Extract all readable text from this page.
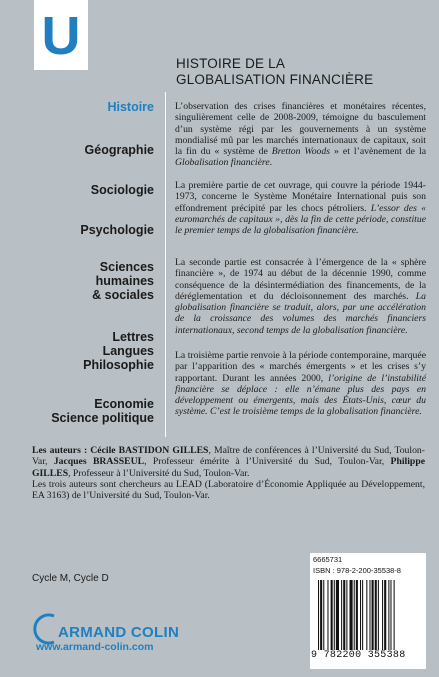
U	HISTOIRE DE LA
GLOBALISATION FINANCIÈRE
Histoire
Géographie
Sociologie
Psychologie
Sciences
humaines
& sociales
Lettres
Langues
Philosophie
Economie
Science politique
L’observation des crises financières et monétaires récentes, singulièrement celle de 2008-2009, témoigne du basculement d’un système régi par les gouvernements à un système mondialisé mû par les marchés internationaux de capitaux, soit la fin du « système de Bretton Woods » et l’avènement de la Globalisation financière.
La première partie de cet ouvrage, qui couvre la période 1944-1973, concerne le Système Monétaire International puis son effondrement précipité par les chocs pétroliers. L’essor des « euromarchés de capitaux », dès la fin de cette période, constitue le premier temps de la globalisation financière.
La seconde partie est consacrée à l’émergence de la « sphère financière », de 1974 au début de la décennie 1990, comme conséquence de la désintermédiation des financements, de la déréglementation et du décloisonnement des marchés. La globalisation financière se traduit, alors, par une accélération de la croissance des volumes des marchés financiers internationaux, second temps de la globalisation financière.
La troisième partie renvoie à la période contemporaine, marquée par l’apparition des « marchés émergents » et les crises s’y rapportant. Durant les années 2000, l’origine de l’instabilité financière se déplace : elle n’émane plus des pays en développement ou émergents, mais des États-Unis, cœur du système. C’est le troisième temps de la globalisation financière.
Les auteurs : Cécile BASTIDON GILLES, Maître de conférences à l’Université du Sud, Toulon-Var, Jacques BRASSEUL, Professeur émérite à l’Université du Sud, Toulon-Var, Philippe GILLES, Professeur à l’Université du Sud, Toulon-Var.
Les trois auteurs sont chercheurs au LEAD (Laboratoire d’Économie Appliquée au Développement, EA 3163) de l’Université du Sud, Toulon-Var.
Cycle M, Cycle D
ARMAND COLIN
www.armand-colin.com
6665731
ISBN : 978-2-200-35538-8
9 782200 355388
